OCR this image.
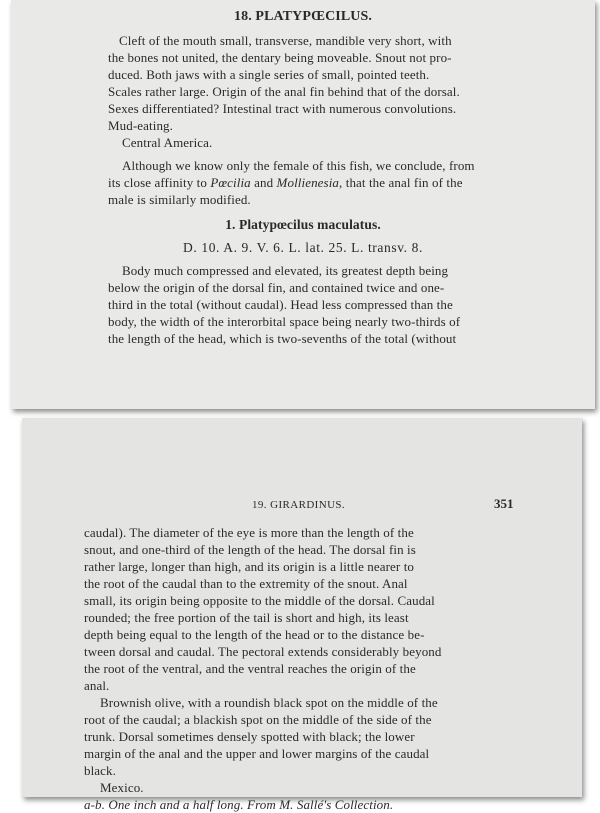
18. PLATYPŒCILUS.
Cleft of the mouth small, transverse, mandible very short, with
the bones not united, the dentary being moveable. Snout not pro-
duced. Both jaws with a single series of small, pointed teeth.
Scales rather large. Origin of the anal fin behind that of the dorsal.
Sexes differentiated? Intestinal tract with numerous convolutions.
Mud-eating.
Central America.
Although we know only the female of this fish, we conclude, from
its close affinity to Pœcilia and Mollienesia, that the anal fin of the
male is similarly modified.
1. Platypœcilus maculatus.
D. 10. A. 9. V. 6. L. lat. 25. L. transv. 8.
Body much compressed and elevated, its greatest depth being
below the origin of the dorsal fin, and contained twice and one-
third in the total (without caudal). Head less compressed than the
body, the width of the interorbital space being nearly two-thirds of
the length of the head, which is two-sevenths of the total (without
19. GIRARDINUS.	351
caudal). The diameter of the eye is more than the length of the
snout, and one-third of the length of the head. The dorsal fin is
rather large, longer than high, and its origin is a little nearer to
the root of the caudal than to the extremity of the snout. Anal
small, its origin being opposite to the middle of the dorsal. Caudal
rounded; the free portion of the tail is short and high, its least
depth being equal to the length of the head or to the distance be-
tween dorsal and caudal. The pectoral extends considerably beyond
the root of the ventral, and the ventral reaches the origin of the
anal.
Brownish olive, with a roundish black spot on the middle of the
root of the caudal; a blackish spot on the middle of the side of the
trunk. Dorsal sometimes densely spotted with black; the lower
margin of the anal and the upper and lower margins of the caudal
black.
Mexico.
a-b. One inch and a half long. From M. Sallé's Collection.
